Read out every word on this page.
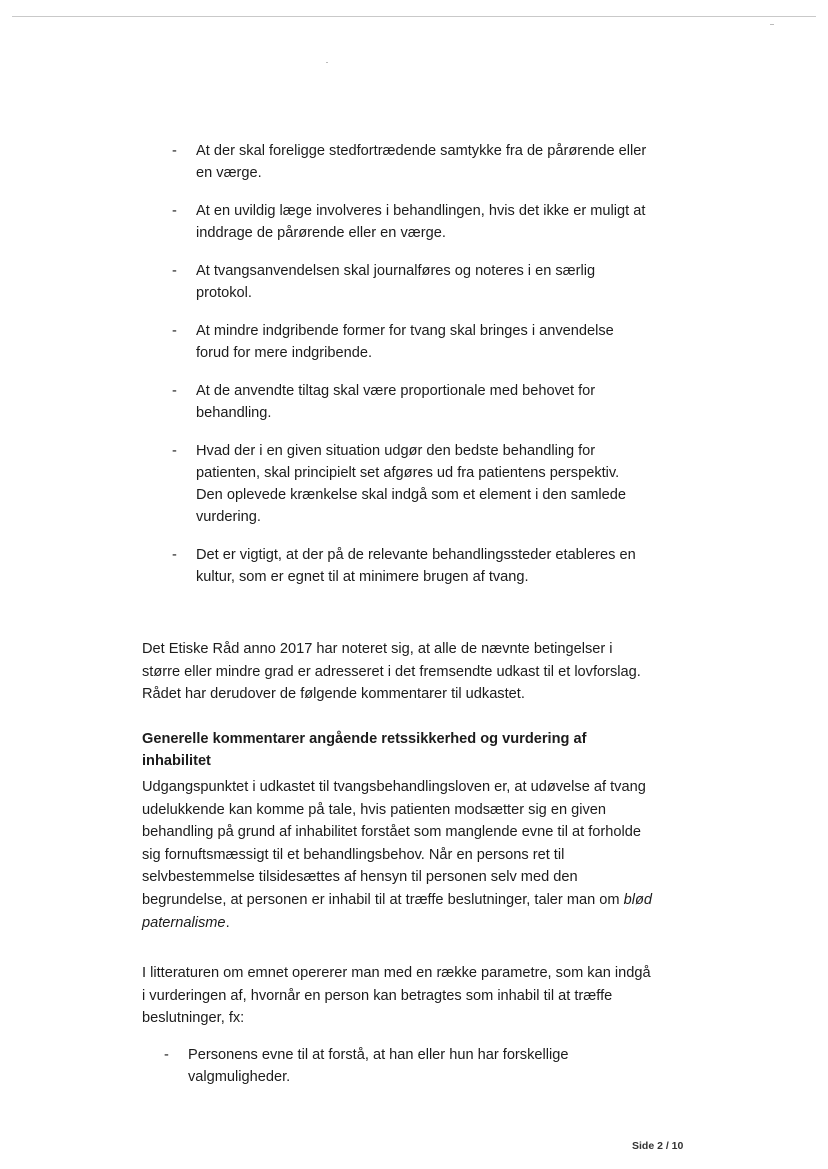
- At der skal foreligge stedfortrædende samtykke fra de pårørende eller en værge.
- At en uvildig læge involveres i behandlingen, hvis det ikke er muligt at inddrage de pårørende eller en værge.
- At tvangsanvendelsen skal journalføres og noteres i en særlig protokol.
- At mindre indgribende former for tvang skal bringes i anvendelse forud for mere indgribende.
- At de anvendte tiltag skal være proportionale med behovet for behandling.
- Hvad der i en given situation udgør den bedste behandling for patienten, skal principielt set afgøres ud fra patientens perspektiv. Den oplevede krænkelse skal indgå som et element i den samlede vurdering.
- Det er vigtigt, at der på de relevante behandlingssteder etableres en kultur, som er egnet til at minimere brugen af tvang.

Det Etiske Råd anno 2017 har noteret sig, at alle de nævnte betingelser i større eller mindre grad er adresseret i det fremsendte udkast til et lovforslag. Rådet har derudover de følgende kommentarer til udkastet.

Generelle kommentarer angående retssikkerhed og vurdering af inhabilitet

Udgangspunktet i udkastet til tvangsbehandlingsloven er, at udøvelse af tvang udelukkende kan komme på tale, hvis patienten modsætter sig en given behandling på grund af inhabilitet forstået som manglende evne til at forholde sig fornuftsmæssigt til et behandlingsbehov. Når en persons ret til selvbestemmelse tilsidesættes af hensyn til personen selv med den begrundelse, at personen er inhabil til at træffe beslutninger, taler man om blød paternalisme.

I litteraturen om emnet opererer man med en række parametre, som kan indgå i vurderingen af, hvornår en person kan betragtes som inhabil til at træffe beslutninger, fx:

- Personens evne til at forstå, at han eller hun har forskellige valgmuligheder.
Side 2 / 10
